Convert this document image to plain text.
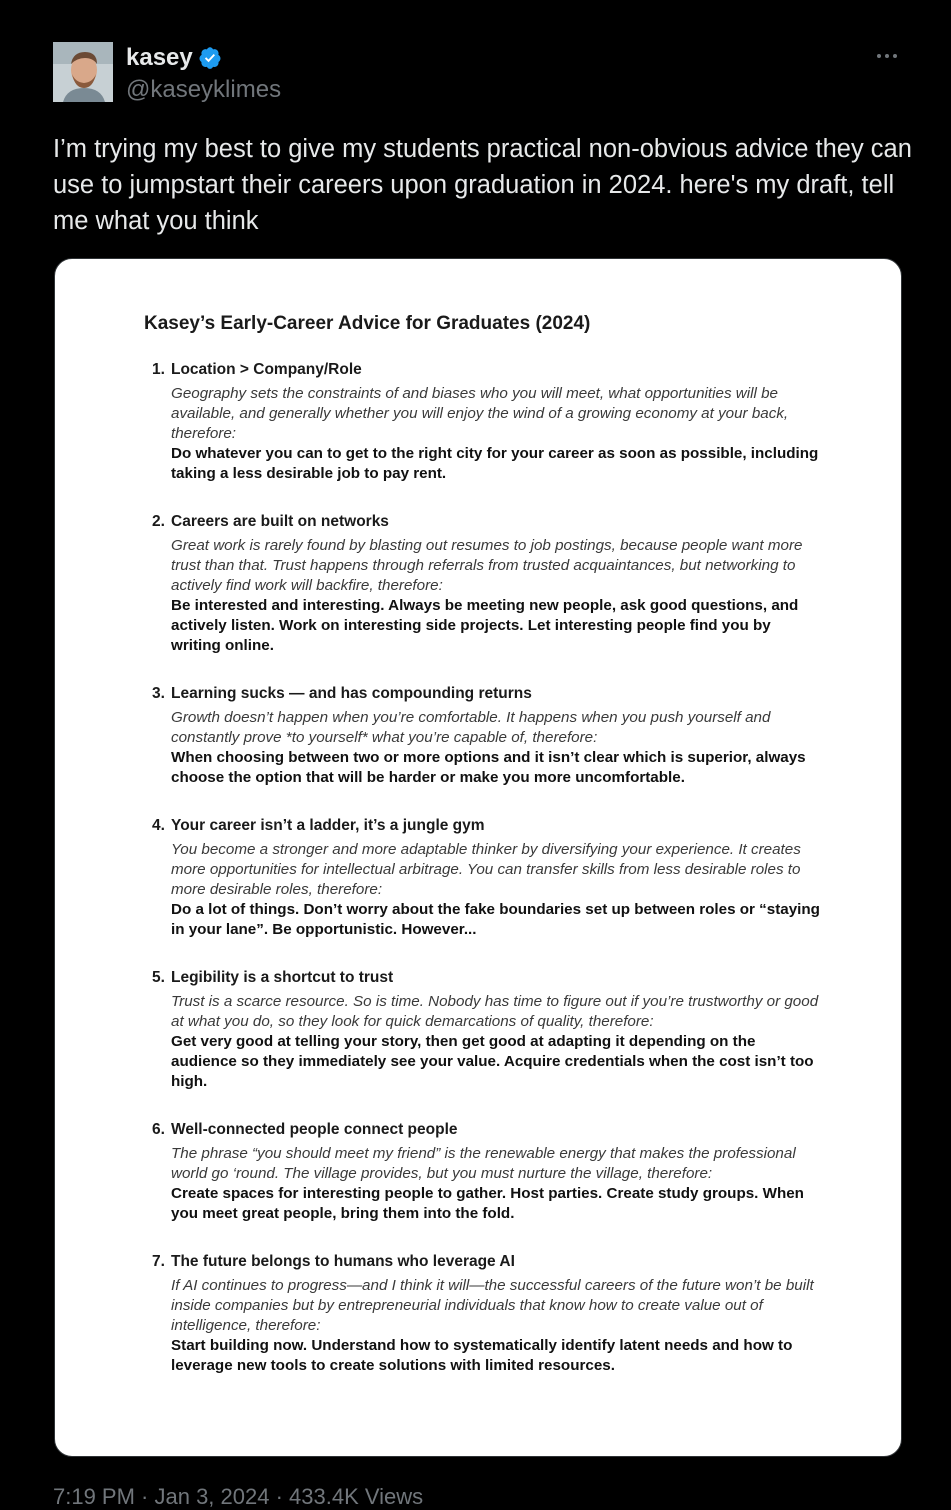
kasey
@kaseyklimes
I’m trying my best to give my students practical non-obvious advice they can use to jumpstart their careers upon graduation in 2024. here's my draft, tell me what you think
Kasey’s Early-Career Advice for Graduates (2024)
1. Location > Company/Role
Geography sets the constraints of and biases who you will meet, what opportunities will be available, and generally whether you will enjoy the wind of a growing economy at your back, therefore:
Do whatever you can to get to the right city for your career as soon as possible, including taking a less desirable job to pay rent.
2. Careers are built on networks
Great work is rarely found by blasting out resumes to job postings, because people want more trust than that. Trust happens through referrals from trusted acquaintances, but networking to actively find work will backfire, therefore:
Be interested and interesting. Always be meeting new people, ask good questions, and actively listen. Work on interesting side projects. Let interesting people find you by writing online.
3. Learning sucks — and has compounding returns
Growth doesn’t happen when you’re comfortable. It happens when you push yourself and constantly prove *to yourself* what you’re capable of, therefore:
When choosing between two or more options and it isn’t clear which is superior, always choose the option that will be harder or make you more uncomfortable.
4. Your career isn’t a ladder, it’s a jungle gym
You become a stronger and more adaptable thinker by diversifying your experience. It creates more opportunities for intellectual arbitrage. You can transfer skills from less desirable roles to more desirable roles, therefore:
Do a lot of things. Don’t worry about the fake boundaries set up between roles or “staying in your lane”. Be opportunistic. However...
5. Legibility is a shortcut to trust
Trust is a scarce resource. So is time. Nobody has time to figure out if you’re trustworthy or good at what you do, so they look for quick demarcations of quality, therefore:
Get very good at telling your story, then get good at adapting it depending on the audience so they immediately see your value. Acquire credentials when the cost isn’t too high.
6. Well-connected people connect people
The phrase “you should meet my friend” is the renewable energy that makes the professional world go ‘round. The village provides, but you must nurture the village, therefore:
Create spaces for interesting people to gather. Host parties. Create study groups. When you meet great people, bring them into the fold.
7. The future belongs to humans who leverage AI
If AI continues to progress—and I think it will—the successful careers of the future won’t be built inside companies but by entrepreneurial individuals that know how to create value out of intelligence, therefore:
Start building now. Understand how to systematically identify latent needs and how to leverage new tools to create solutions with limited resources.
7:19 PM · Jan 3, 2024 · 433.4K Views
